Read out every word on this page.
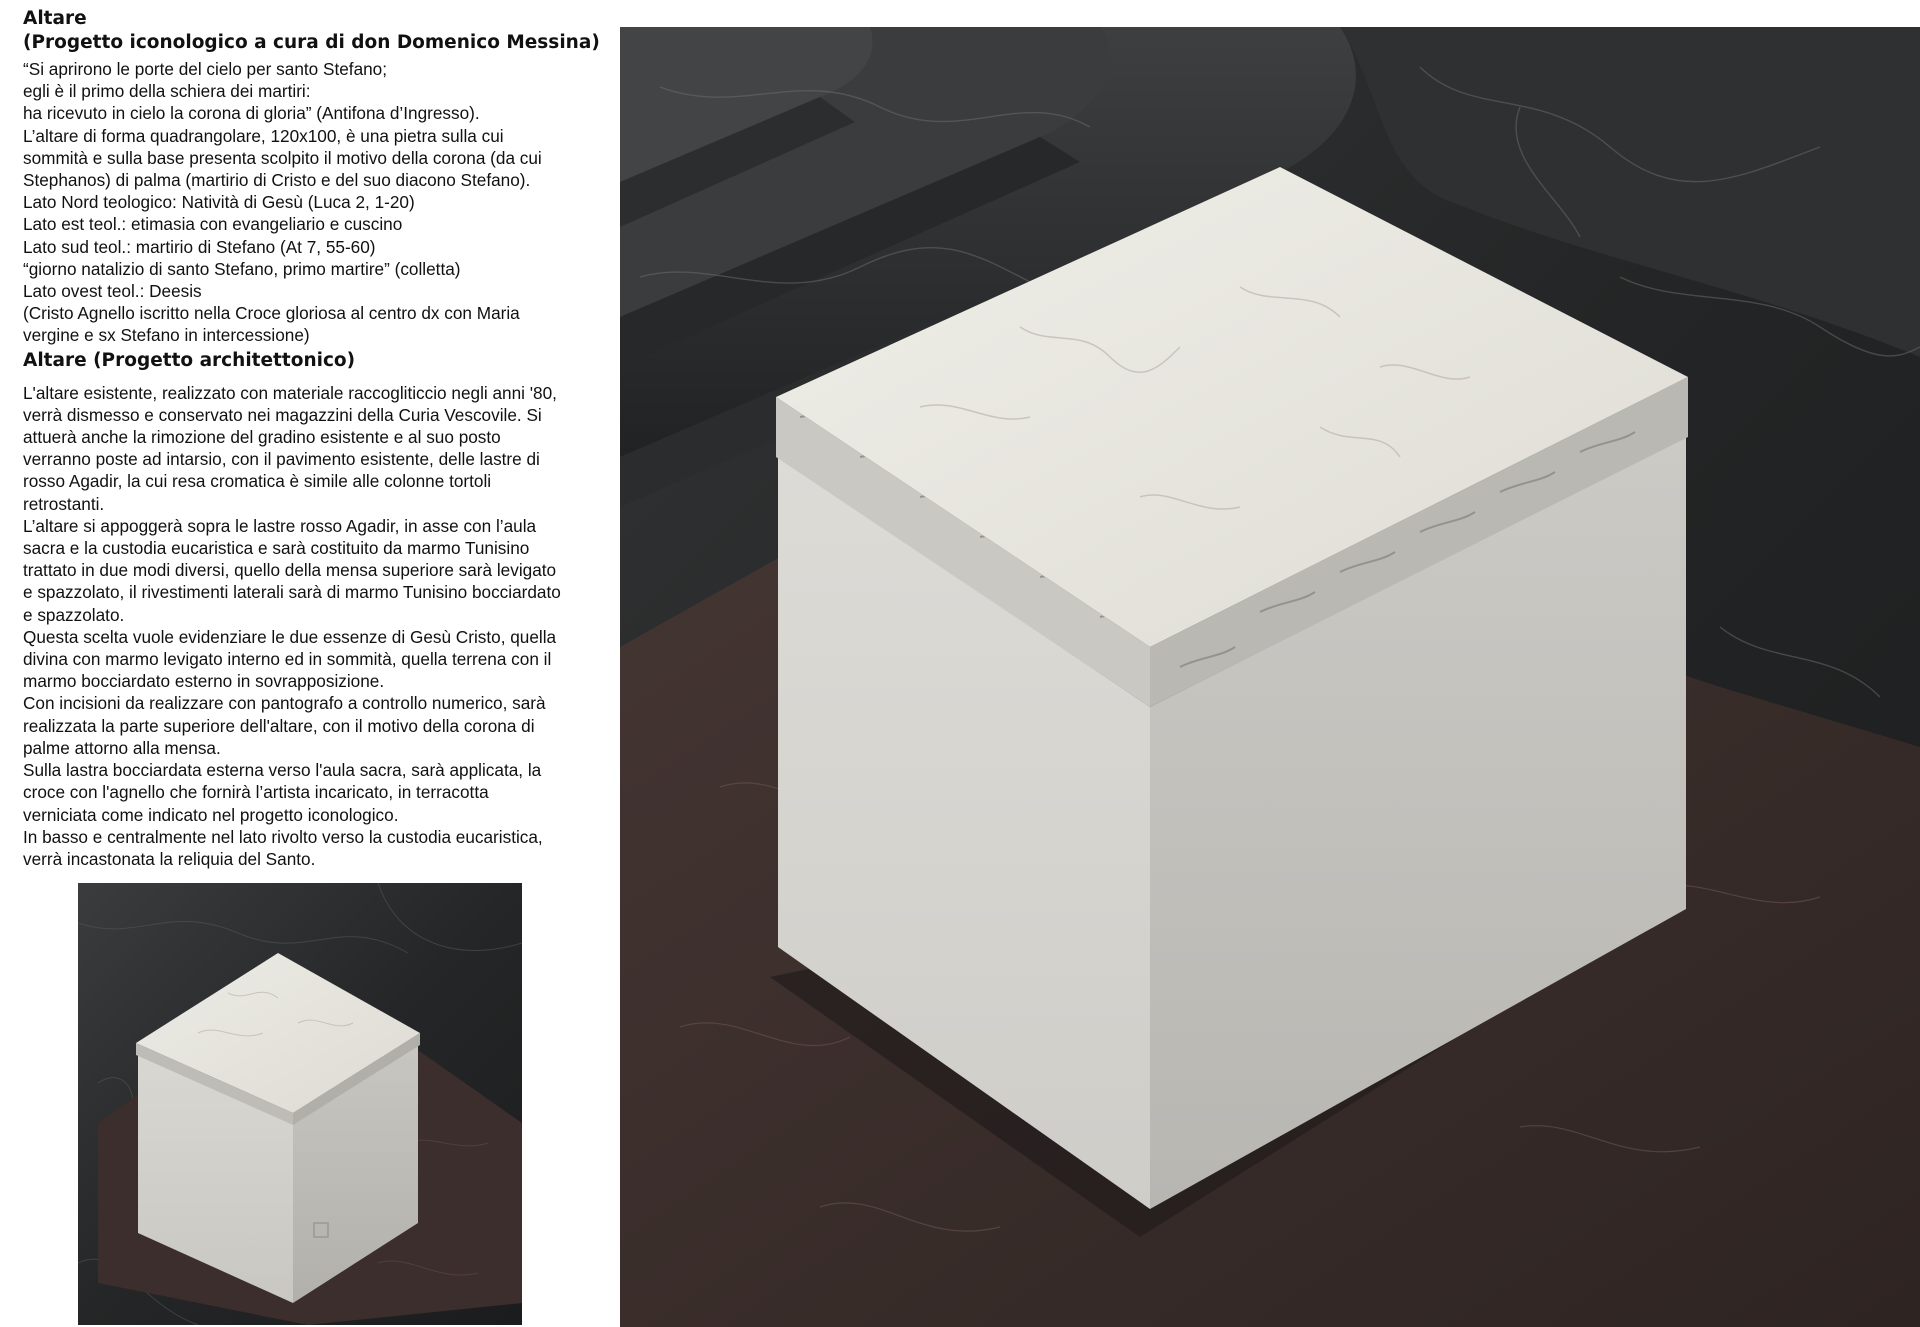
Altare

(Progetto iconologico a cura di don Domenico Messina)

“Si aprirono le porte del cielo per santo Stefano;
egli è il primo della schiera dei martiri:
ha ricevuto in cielo la corona di gloria” (Antifona d’Ingresso).
L’altare di forma quadrangolare, 120x100, è una pietra sulla cui
sommità e sulla base presenta scolpito il motivo della corona (da cui
Stephanos) di palma (martirio di Cristo e del suo diacono Stefano).
Lato Nord teologico: Natività di Gesù (Luca 2, 1-20)
Lato est teol.: etimasia con evangeliario e cuscino
Lato sud teol.: martirio di Stefano (At 7, 55-60)
“giorno natalizio di santo Stefano, primo martire” (colletta)
Lato ovest teol.: Deesis
(Cristo Agnello iscritto nella Croce gloriosa al centro dx con Maria
vergine e sx Stefano in intercessione)

Altare (Progetto architettonico)

L'altare esistente, realizzato con materiale raccogliticcio negli anni '80,
verrà dismesso e conservato nei magazzini della Curia Vescovile. Si
attuerà anche la rimozione del gradino esistente e al suo posto
verranno poste ad intarsio, con il pavimento esistente, delle lastre di
rosso Agadir, la cui resa cromatica è simile alle colonne tortoli
retrostanti.
L’altare si appoggerà sopra le lastre rosso Agadir, in asse con l’aula
sacra e la custodia eucaristica e sarà costituito da marmo Tunisino
trattato in due modi diversi, quello della mensa superiore sarà levigato
e spazzolato, il rivestimenti laterali sarà di marmo Tunisino bocciardato
e spazzolato.
Questa scelta vuole evidenziare le due essenze di Gesù Cristo, quella
divina con marmo levigato interno ed in sommità, quella terrena con il
marmo bocciardato esterno in sovrapposizione.
Con incisioni da realizzare con pantografo a controllo numerico, sarà
realizzata la parte superiore dell'altare, con il motivo della corona di
palme attorno alla mensa.
Sulla lastra bocciardata esterna verso l'aula sacra, sarà applicata, la
croce con l'agnello che fornirà l’artista incaricato, in terracotta
verniciata come indicato nel progetto iconologico.
In basso e centralmente nel lato rivolto verso la custodia eucaristica,
verrà incastonata la reliquia del Santo.
